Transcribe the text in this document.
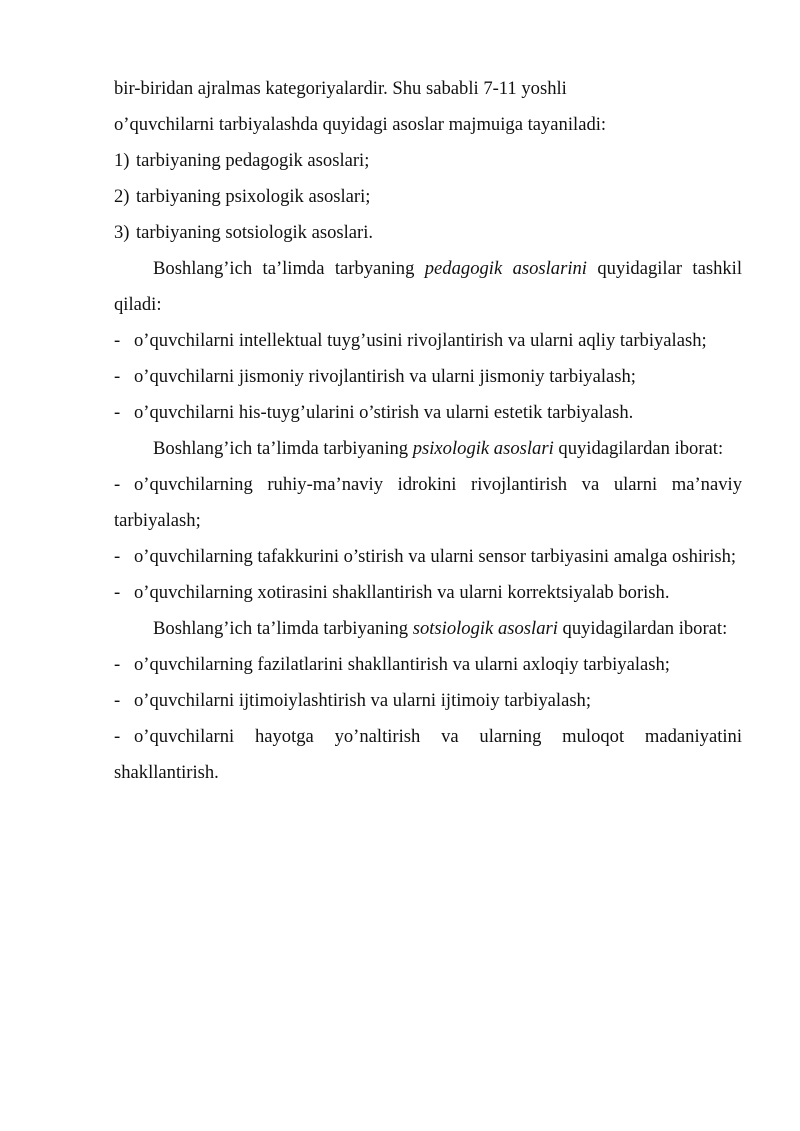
bir-biridan ajralmas kategoriyalardir. Shu sababli 7-11 yoshli
o’quvchilarni tarbiyalashda quyidagi asoslar majmuiga tayaniladi:

1) tarbiyaning pedagogik asoslari;

2) tarbiyaning psixologik asoslari;

3) tarbiyaning sotsiologik asoslari.

Boshlang’ich ta’limda tarbyaning pedagogik asoslarini quyidagilar tashkil qiladi:

- o’quvchilarni intellektual tuyg’usini rivojlantirish va ularni aqliy tarbiyalash;

- o’quvchilarni jismoniy rivojlantirish va ularni jismoniy tarbiyalash;

- o’quvchilarni his-tuyg’ularini o’stirish va ularni estetik tarbiyalash.

Boshlang’ich ta’limda tarbiyaning psixologik asoslari quyidagilardan iborat:

- o’quvchilarning ruhiy-ma’naviy idrokini rivojlantirish va ularni ma’naviy tarbiyalash;

- o’quvchilarning tafakkurini o’stirish va ularni sensor tarbiyasini amalga oshirish;

- o’quvchilarning xotirasini shakllantirish va ularni korrektsiyalab borish.

Boshlang’ich ta’limda tarbiyaning sotsiologik asoslari quyidagilardan iborat:

- o’quvchilarning fazilatlarini shakllantirish va ularni axloqiy tarbiyalash;

- o’quvchilarni ijtimoiylashtirish va ularni ijtimoiy tarbiyalash;

- o’quvchilarni hayotga yo’naltirish va ularning muloqot madaniyatini shakllantirish.
